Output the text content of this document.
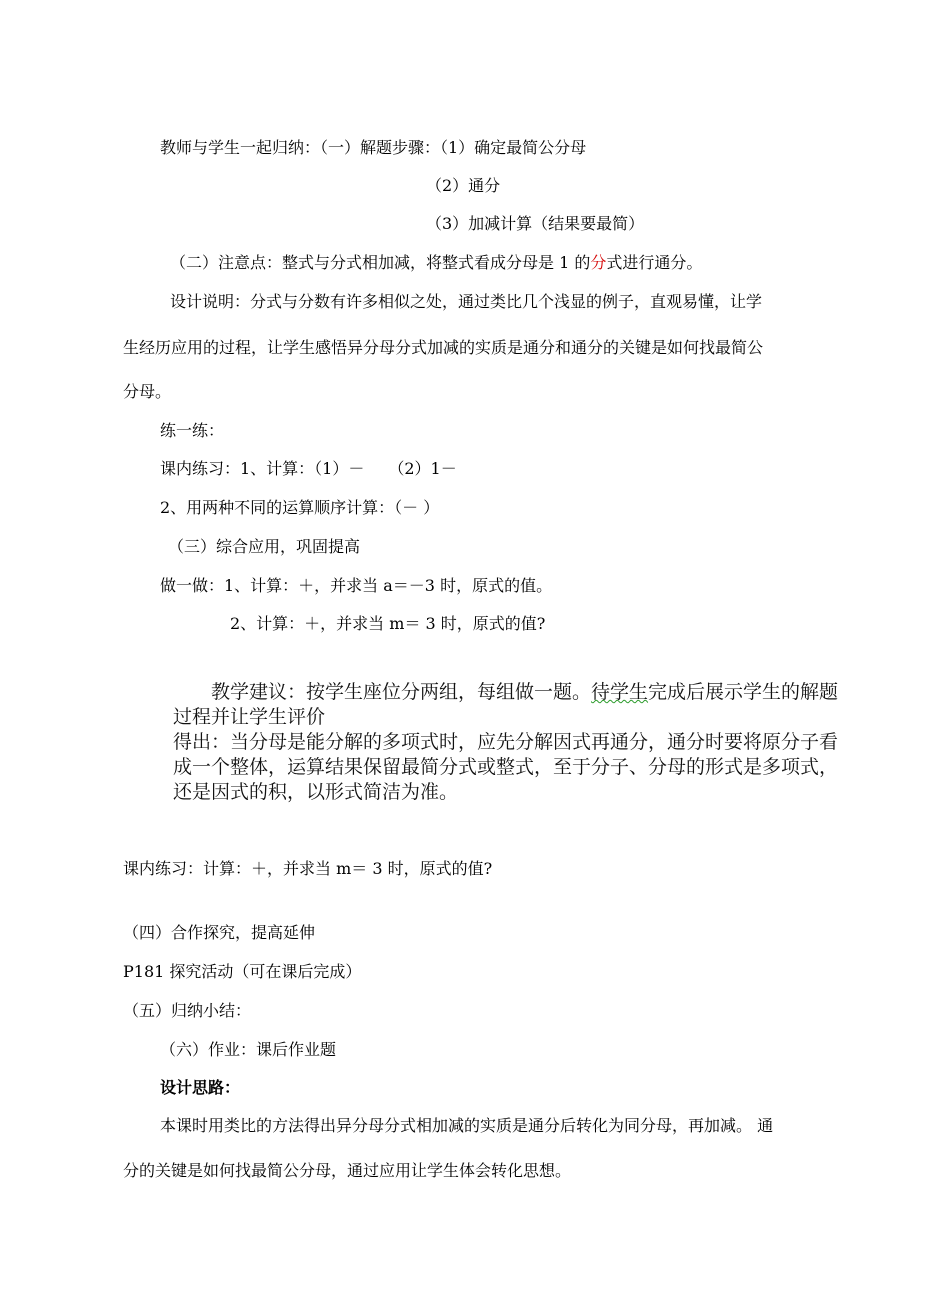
教师与学生一起归纳：（一）解题步骤：（1）确定最简公分母
（2）通分
（3）加减计算（结果要最简）
（二）注意点：整式与分式相加减，将整式看成分母是 1 的分式进行通分。
设计说明：分式与分数有许多相似之处，通过类比几个浅显的例子，直观易懂，让学
生经历应用的过程，让学生感悟异分母分式加减的实质是通分和通分的关键是如何找最简公
分母。
练一练：
课内练习：1、计算：（1）－　　（2）1－
2、用两种不同的运算顺序计算：（－ ）
（三）综合应用，巩固提高
做一做：1、计算：＋，并求当 a＝－3 时，原式的值。
2、计算：＋，并求当 m＝ 3 时，原式的值?

教学建议：按学生座位分两组，每组做一题。待学生完成后展示学生的解题

过程并让学生评价

得出：当分母是能分解的多项式时，应先分解因式再通分，通分时要将原分子看

成一个整体，运算结果保留最简分式或整式，至于分子、分母的形式是多项式，

还是因式的积，以形式简洁为准。

课内练习：计算：＋，并求当 m＝ 3 时，原式的值?
（四）合作探究，提高延伸
P181 探究活动（可在课后完成）
（五）归纳小结：
（六）作业：课后作业题
设计思路：
本课时用类比的方法得出异分母分式相加减的实质是通分后转化为同分母，再加减。 通
分的关键是如何找最简公分母，通过应用让学生体会转化思想。
